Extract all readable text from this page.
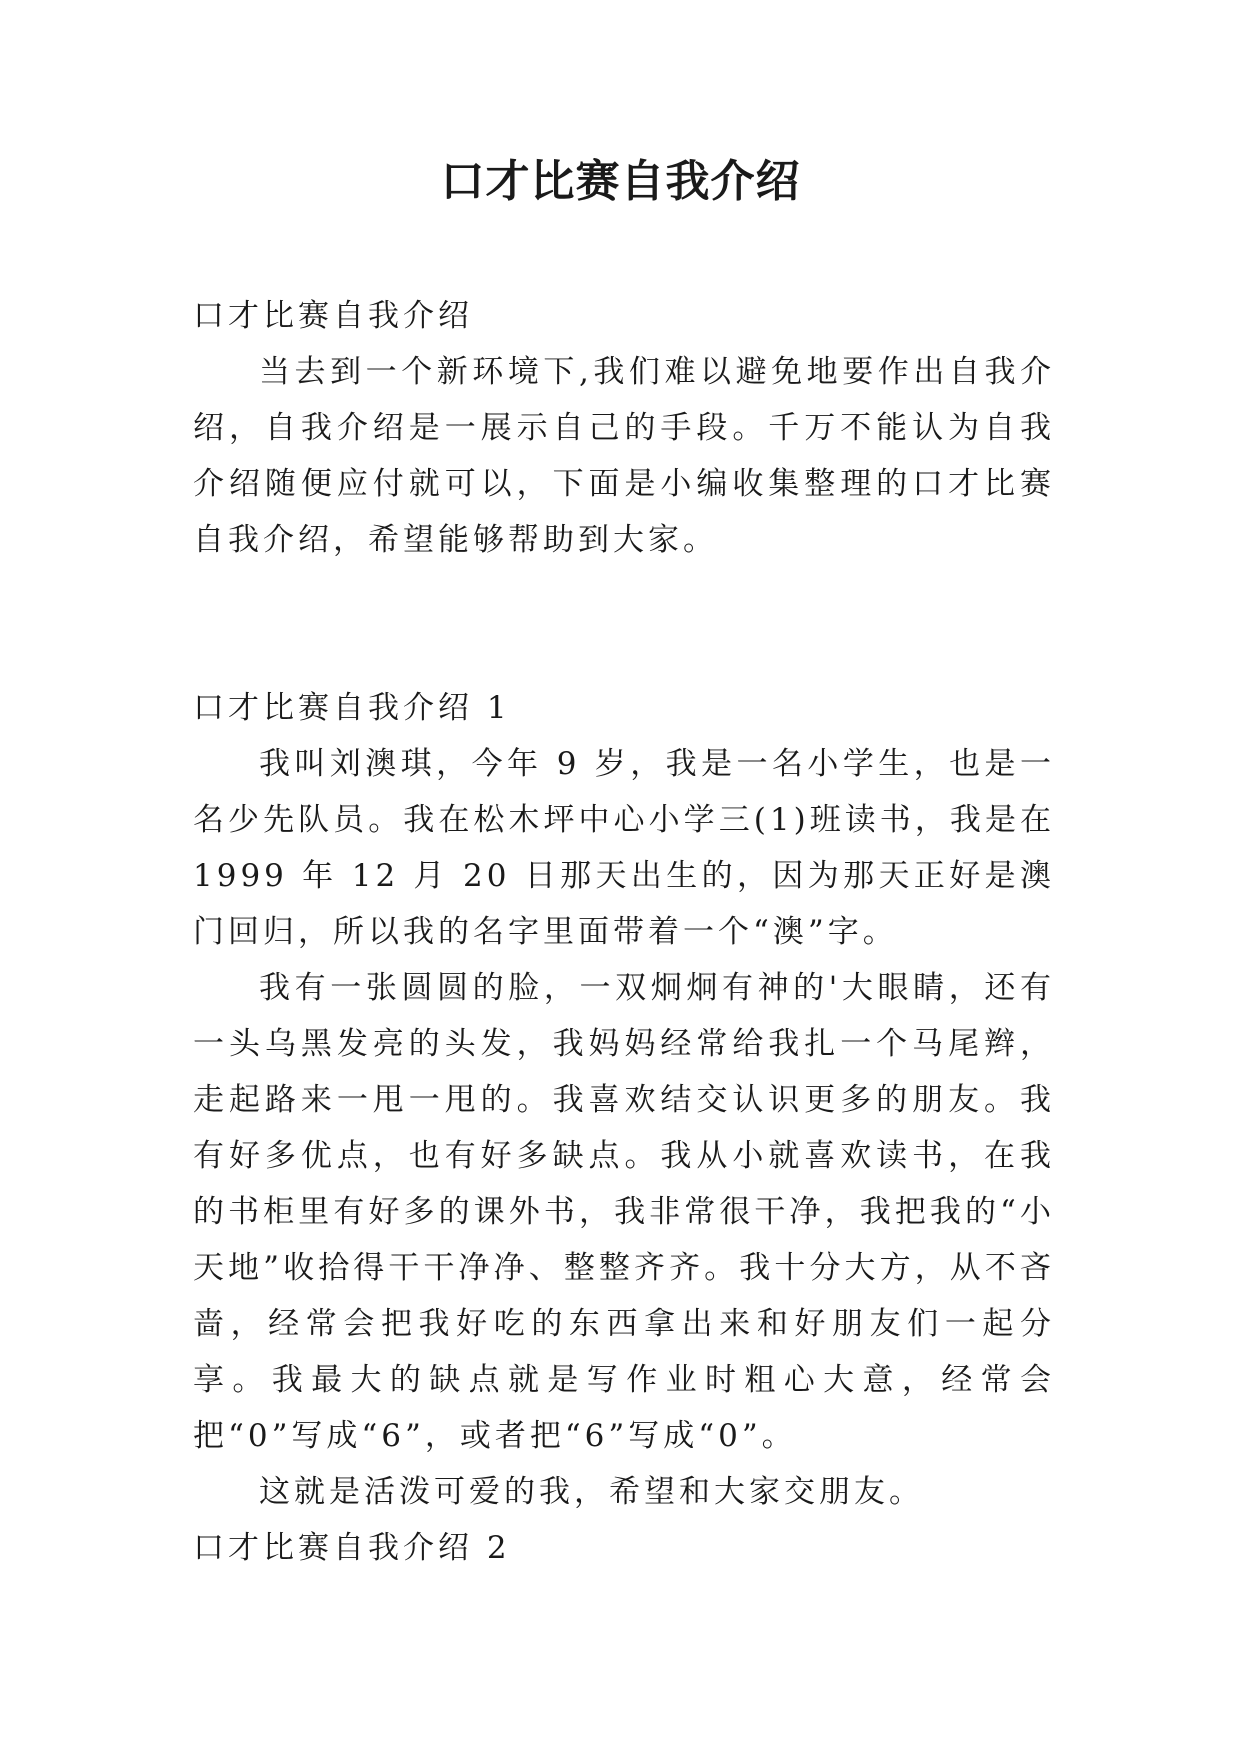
口才比赛自我介绍

口才比赛自我介绍

当去到一个新环境下,我们难以避免地要作出自我介绍，自我介绍是一展示自己的手段。千万不能认为自我介绍随便应付就可以，下面是小编收集整理的口才比赛自我介绍，希望能够帮助到大家。

口才比赛自我介绍 1

我叫刘澳琪，今年 9 岁，我是一名小学生，也是一名少先队员。我在松木坪中心小学三(1)班读书，我是在 1999 年 12 月 20 日那天出生的，因为那天正好是澳门回归，所以我的名字里面带着一个“澳”字。

我有一张圆圆的脸，一双炯炯有神的'大眼睛，还有一头乌黑发亮的头发，我妈妈经常给我扎一个马尾辫，走起路来一甩一甩的。我喜欢结交认识更多的朋友。我有好多优点，也有好多缺点。我从小就喜欢读书，在我的书柜里有好多的课外书，我非常很干净，我把我的“小天地”收拾得干干净净、整整齐齐。我十分大方，从不吝啬，经常会把我好吃的东西拿出来和好朋友们一起分享。我最大的缺点就是写作业时粗心大意，经常会把“0”写成“6”，或者把“6”写成“0”。

这就是活泼可爱的我，希望和大家交朋友。

口才比赛自我介绍 2
